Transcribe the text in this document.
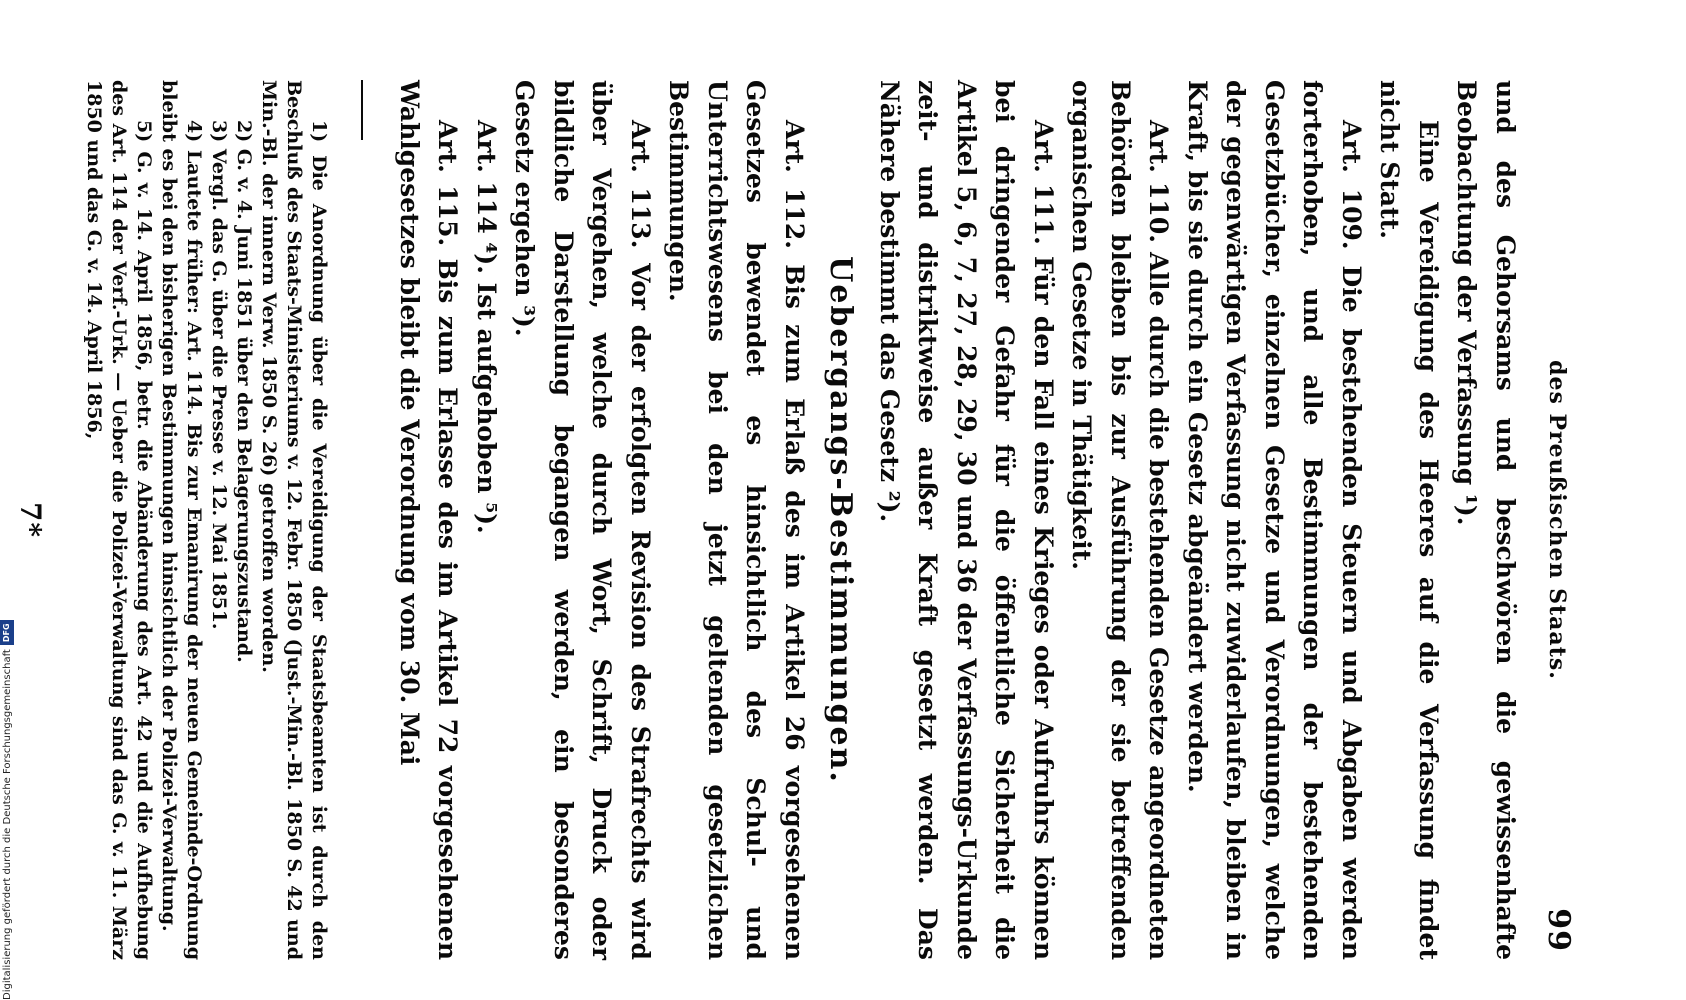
Digitalisierung gefördert durch die Deutsche Forschungsgemeinschaft
DFG	des Preußischen Staats.
99

und des Gehorsams und beschwören die gewissenhafte Beobachtung der Verfassung ¹).

Eine Vereidigung des Heeres auf die Verfassung findet nicht Statt.

Art. 109. Die bestehenden Steuern und Abgaben werden forterhoben, und alle Bestimmungen der bestehenden Gesetzbücher, einzelnen Gesetze und Verordnungen, welche der gegenwärtigen Verfassung nicht zuwiderlaufen, bleiben in Kraft, bis sie durch ein Gesetz abgeändert werden.

Art. 110. Alle durch die bestehenden Gesetze angeordneten Behörden bleiben bis zur Ausführung der sie betreffenden organischen Gesetze in Thätigkeit.

Art. 111. Für den Fall eines Krieges oder Aufruhrs können bei dringender Gefahr für die öffentliche Sicherheit die Artikel 5, 6, 7, 27, 28, 29, 30 und 36 der Verfassungs-Urkunde zeit- und distriktweise außer Kraft gesetzt werden. Das Nähere bestimmt das Gesetz ²).

Uebergangs-Bestimmungen.

Art. 112. Bis zum Erlaß des im Artikel 26 vorgesehenen Gesetzes bewendet es hinsichtlich des Schul- und Unterrichtswesens bei den jetzt geltenden gesetzlichen Bestimmungen.

Art. 113. Vor der erfolgten Revision des Strafrechts wird über Vergehen, welche durch Wort, Schrift, Druck oder bildliche Darstellung begangen werden, ein besonderes Gesetz ergehen ³).

Art. 114 ⁴). Ist aufgehoben ⁵).

Art. 115. Bis zum Erlasse des im Artikel 72 vorgesehenen Wahlgesetzes bleibt die Verordnung vom 30. Mai

1) Die Anordnung über die Vereidigung der Staatsbeamten ist durch den Beschluß des Staats-Ministeriums v. 12. Febr. 1850 (Just.-Min.-Bl. 1850 S. 42 und Min.-Bl. der innern Verw. 1850 S. 26) getroffen worden.

2) G. v. 4. Juni 1851 über den Belagerungszustand.

3) Vergl. das G. über die Presse v. 12. Mai 1851.

4) Lautete früher: Art. 114. Bis zur Emanirung der neuen Gemeinde-Ordnung bleibt es bei den bisherigen Bestimmungen hinsichtlich der Polizei-Verwaltung.

5) G. v. 14. April 1856, betr. die Abänderung des Art. 42 und die Aufhebung des Art. 114 der Verf.-Urk. — Ueber die Polizei-Verwaltung sind das G. v. 11. März 1850 und das G. v. 14. April 1856,

7*
